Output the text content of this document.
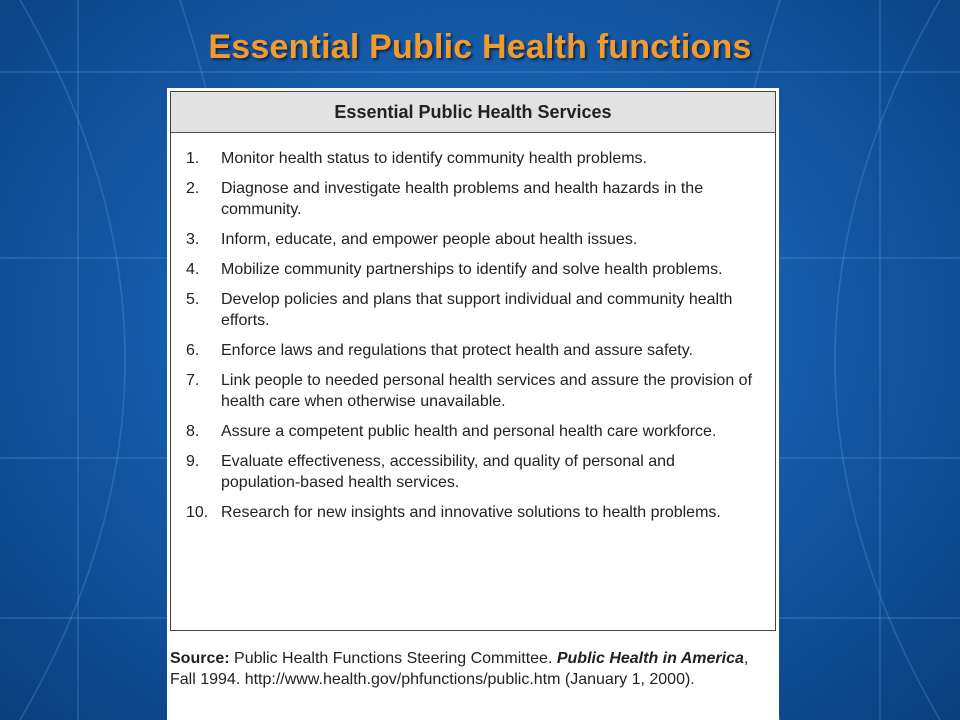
Essential Public Health functions
Essential Public Health Services
1.	Monitor health status to identify community health problems.
2.	Diagnose and investigate health problems and health hazards in the community.
3.	Inform, educate, and empower people about health issues.
4.	Mobilize community partnerships to identify and solve health problems.
5.	Develop policies and plans that support individual and community health efforts.
6.	Enforce laws and regulations that protect health and assure safety.
7.	Link people to needed personal health services and assure the provision of health care when otherwise unavailable.
8.	Assure a competent public health and personal health care workforce.
9.	Evaluate effectiveness, accessibility, and quality of personal and population-based health services.
10. Research for new insights and innovative solutions to health problems.
Source: Public Health Functions Steering Committee. Public Health in America, Fall 1994. http://www.health.gov/phfunctions/public.htm (January 1, 2000).
